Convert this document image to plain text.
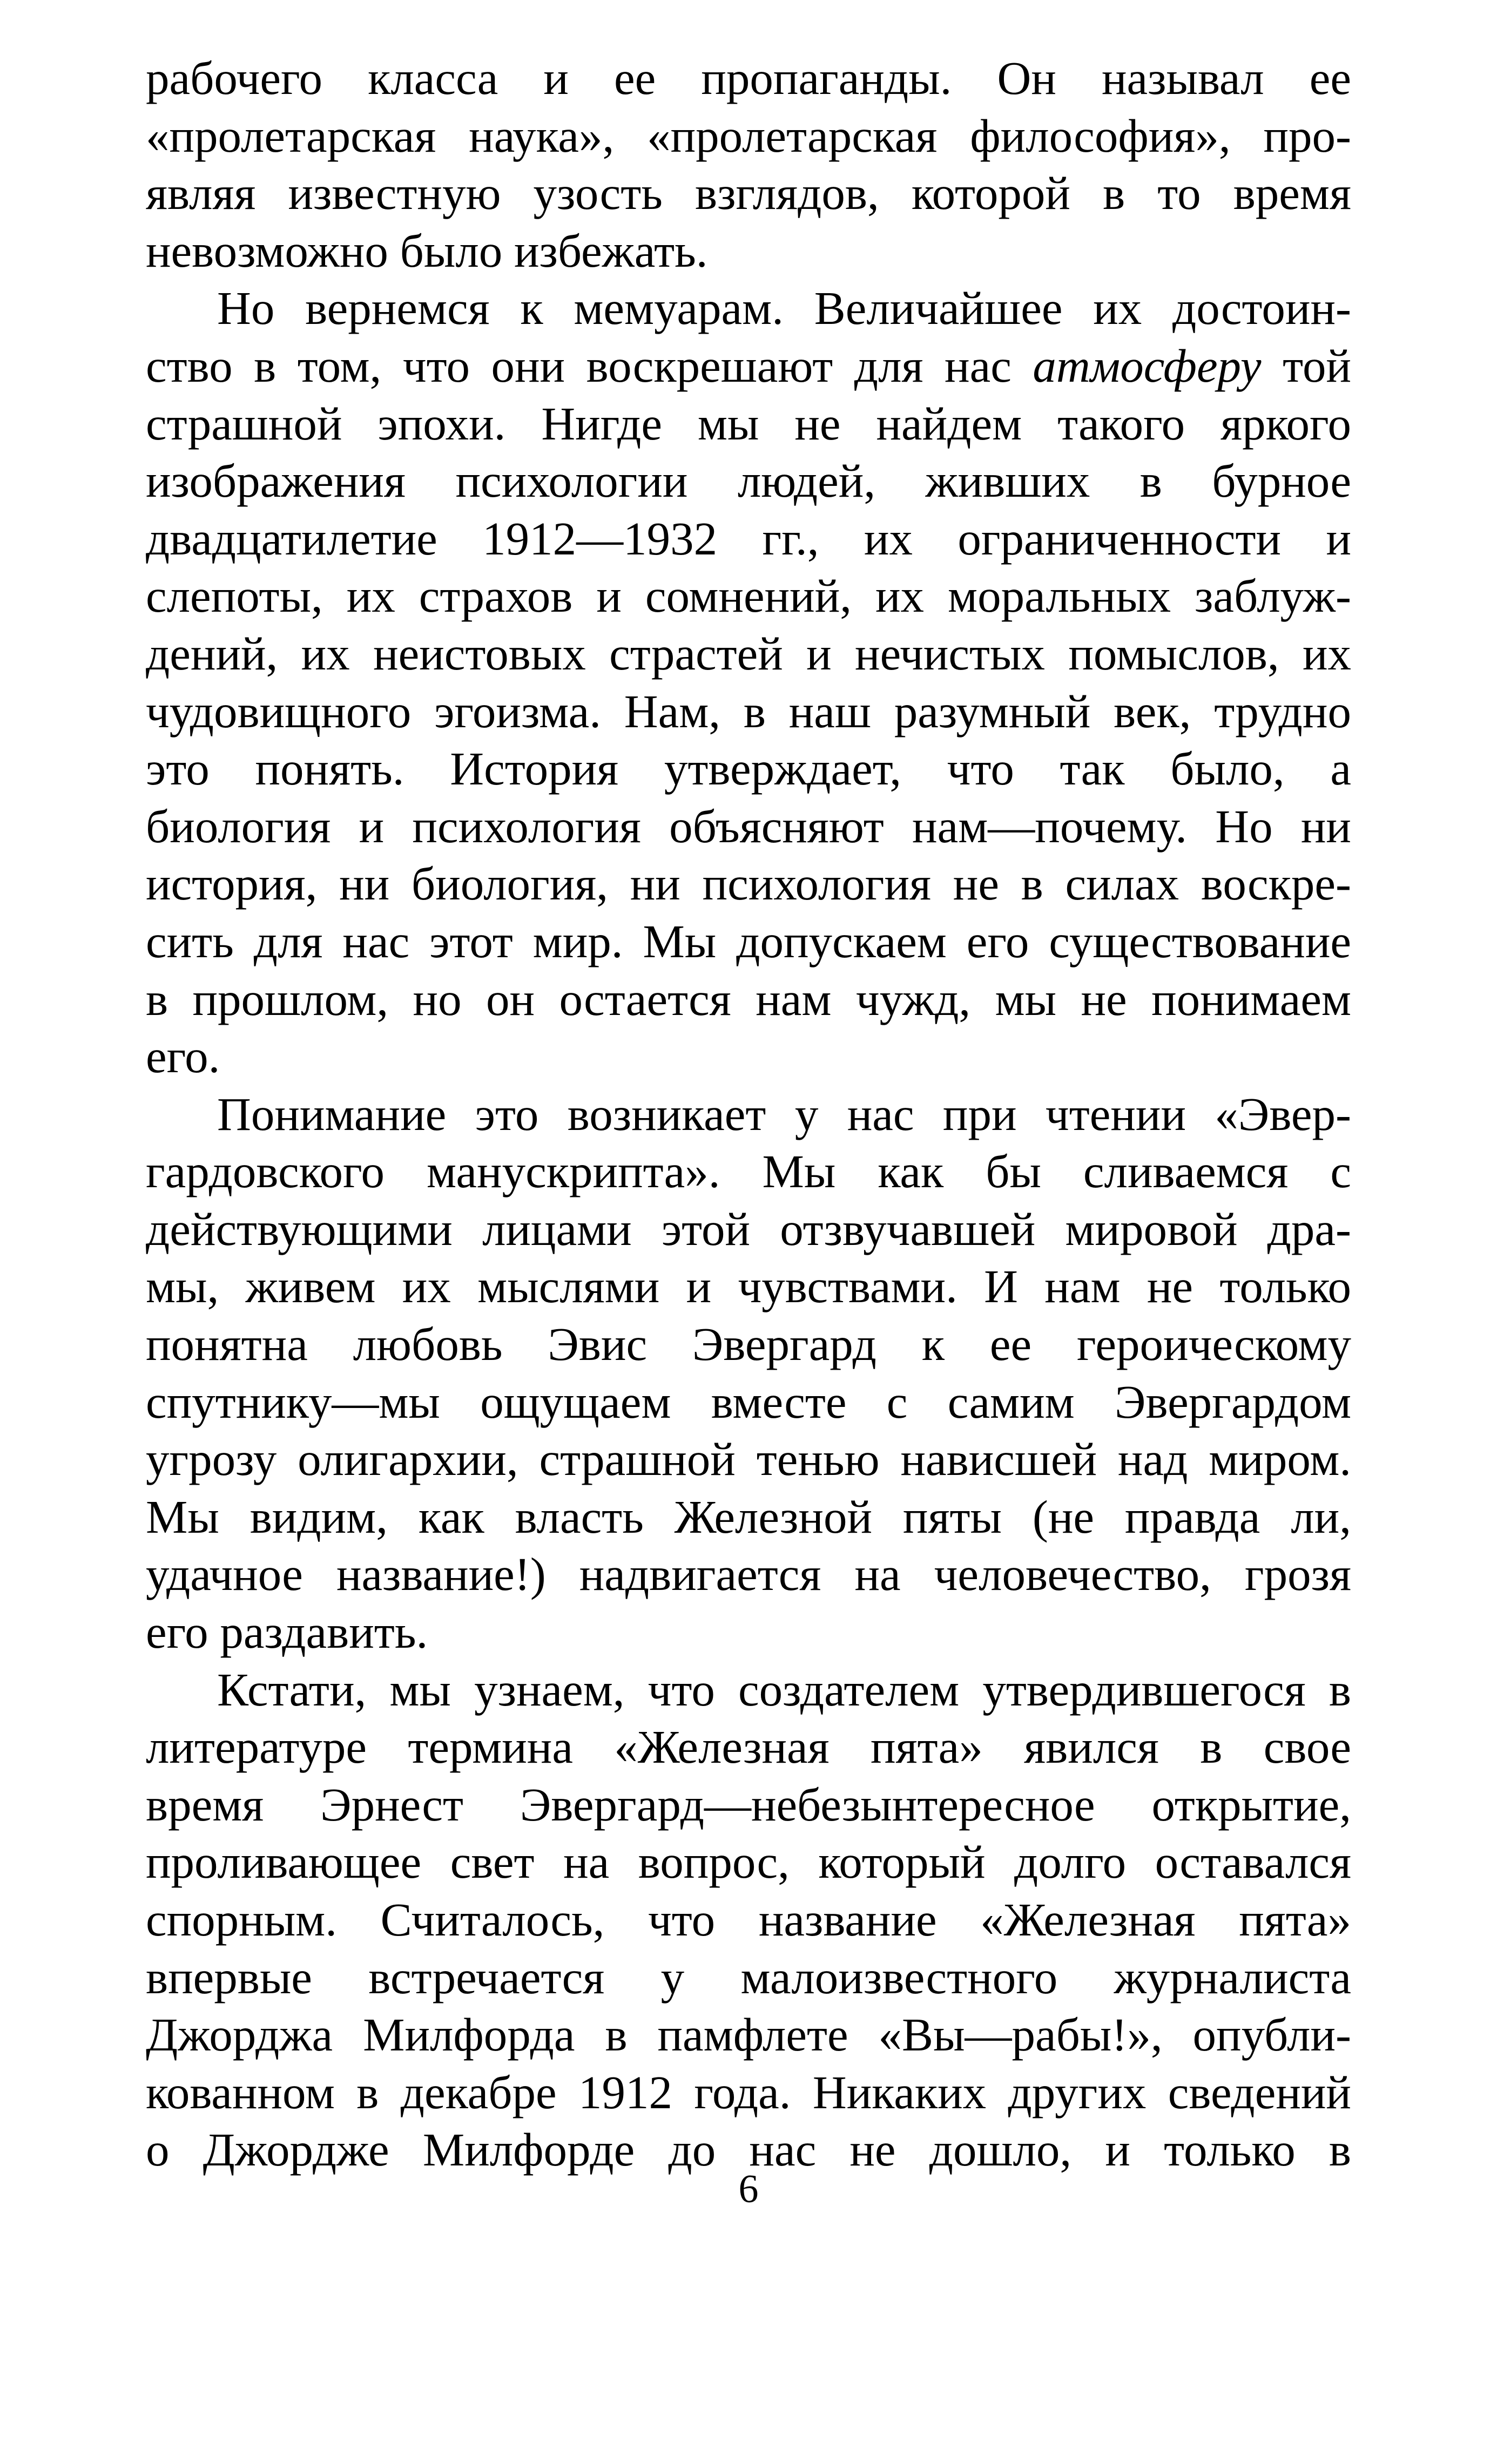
рабочего класса и ее пропаганды. Он называл ее
«пролетарская наука», «пролетарская философия», про-
являя известную узость взглядов, которой в то время
невозможно было избежать.

Но вернемся к мемуарам. Величайшее их достоин-
ство в том, что они воскрешают для нас атмосферу той
страшной эпохи. Нигде мы не найдем такого яркого
изображения психологии людей, живших в бурное
двадцатилетие 1912—1932 гг., их ограниченности и
слепоты, их страхов и сомнений, их моральных заблуж-
дений, их неистовых страстей и нечистых помыслов, их
чудовищного эгоизма. Нам, в наш разумный век, трудно
это понять. История утверждает, что так было, а
биология и психология объясняют нам—почему. Но ни
история, ни биология, ни психология не в силах воскре-
сить для нас этот мир. Мы допускаем его существование
в прошлом, но он остается нам чужд, мы не понимаем
его.

Понимание это возникает у нас при чтении «Эвер-
гардовского манускрипта». Мы как бы сливаемся с
действующими лицами этой отзвучавшей мировой дра-
мы, живем их мыслями и чувствами. И нам не только
понятна любовь Эвис Эвергард к ее героическому
спутнику—мы ощущаем вместе с самим Эвергардом
угрозу олигархии, страшной тенью нависшей над миром.
Мы видим, как власть Железной пяты (не правда ли,
удачное название!) надвигается на человечество, грозя
его раздавить.

Кстати, мы узнаем, что создателем утвердившегося в
литературе термина «Железная пята» явился в свое
время Эрнест Эвергард—небезынтересное открытие,
проливающее свет на вопрос, который долго оставался
спорным. Считалось, что название «Железная пята»
впервые встречается у малоизвестного журналиста
Джорджа Милфорда в памфлете «Вы—рабы!», опубли-
кованном в декабре 1912 года. Никаких других сведений
о Джордже Милфорде до нас не дошло, и только в

6
